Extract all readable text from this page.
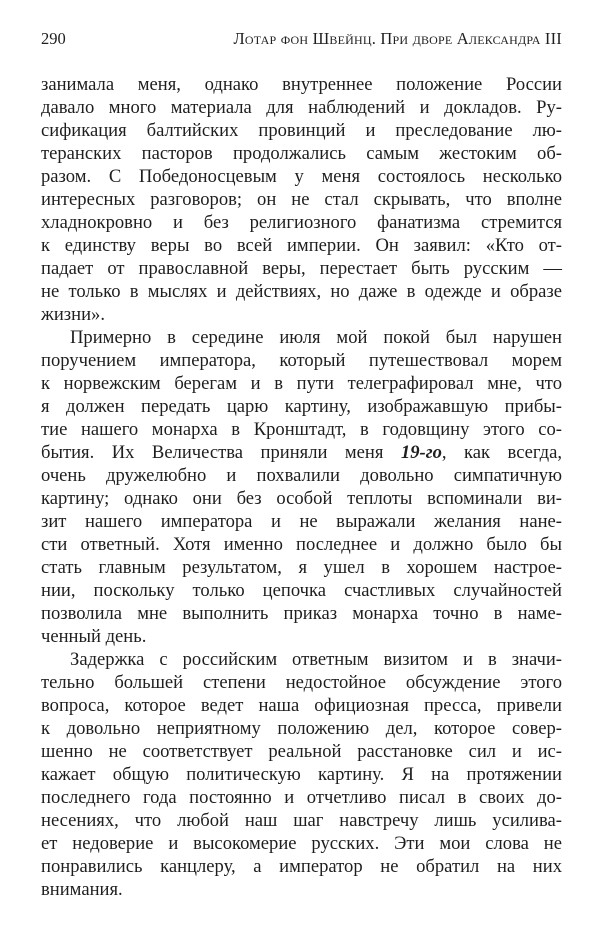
290	Лотар фон Швейнц. При дворе Александра III
занимала меня, однако внутреннее положение России
давало много материала для наблюдений и докладов. Ру-
сификация балтийских провинций и преследование лю-
теранских пасторов продолжались самым жестоким об-
разом. С Победоносцевым у меня состоялось несколько
интересных разговоров; он не стал скрывать, что вполне
хладнокровно и без религиозного фанатизма стремится
к единству веры во всей империи. Он заявил: «Кто от-
падает от православной веры, перестает быть русским —
не только в мыслях и действиях, но даже в одежде и образе
жизни».
Примерно в середине июля мой покой был нарушен
поручением императора, который путешествовал морем
к норвежским берегам и в пути телеграфировал мне, что
я должен передать царю картину, изображавшую прибы-
тие нашего монарха в Кронштадт, в годовщину этого со-
бытия. Их Величества приняли меня 19-го, как всегда,
очень дружелюбно и похвалили довольно симпатичную
картину; однако они без особой теплоты вспоминали ви-
зит нашего императора и не выражали желания нане-
сти ответный. Хотя именно последнее и должно было бы
стать главным результатом, я ушел в хорошем настрое-
нии, поскольку только цепочка счастливых случайностей
позволила мне выполнить приказ монарха точно в наме-
ченный день.
Задержка с российским ответным визитом и в значи-
тельно большей степени недостойное обсуждение этого
вопроса, которое ведет наша официозная пресса, привели
к довольно неприятному положению дел, которое совер-
шенно не соответствует реальной расстановке сил и ис-
кажает общую политическую картину. Я на протяжении
последнего года постоянно и отчетливо писал в своих до-
несениях, что любой наш шаг навстречу лишь усилива-
ет недоверие и высокомерие русских. Эти мои слова не
понравились канцлеру, а император не обратил на них
внимания.
